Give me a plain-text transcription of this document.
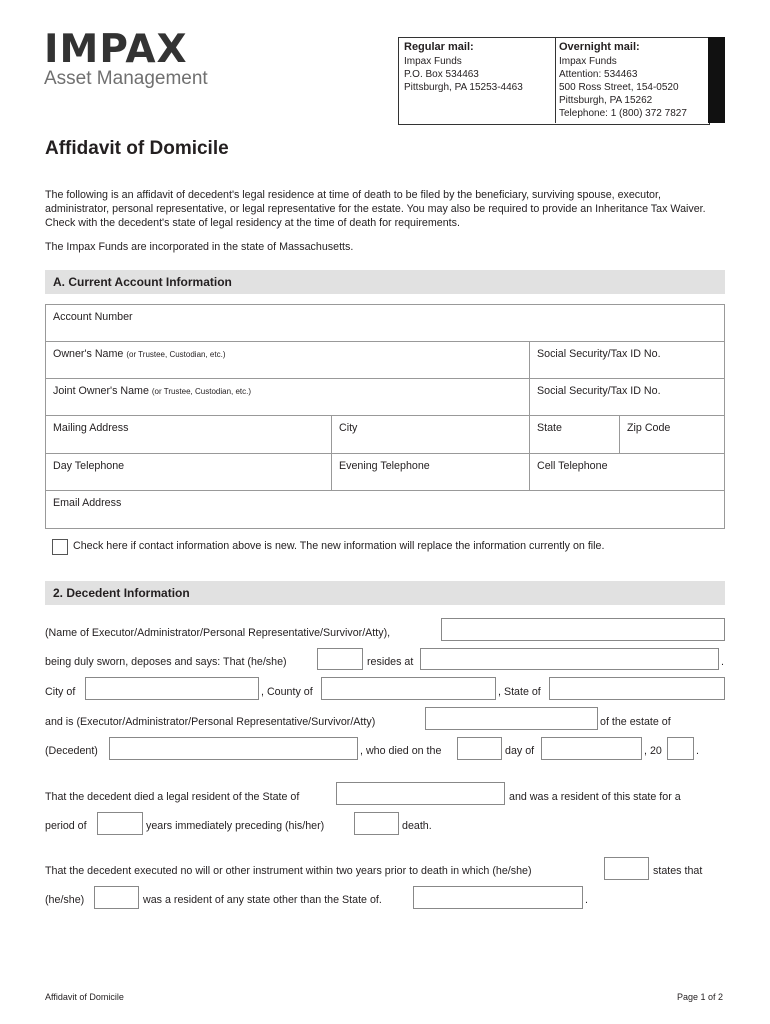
IMPAX
Asset Management
Regular mail:
Impax Funds
P.O. Box 534463
Pittsburgh, PA 15253-4463
Overnight mail:
Impax Funds
Attention: 534463
500 Ross Street, 154-0520
Pittsburgh, PA 15262
Telephone: 1 (800) 372 7827
Affidavit of Domicile
The following is an affidavit of decedent's legal residence at time of death to be filed by the beneficiary, surviving spouse, executor, administrator, personal representative, or legal representative for the estate. You may also be required to provide an Inheritance Tax Waiver. Check with the decedent's state of legal residency at the time of death for requirements.
The Impax Funds are incorporated in the state of Massachusetts.
A. Current Account Information
Account Number
Owner's Name (or Trustee, Custodian, etc.)	Social Security/Tax ID No.
Joint Owner's Name (or Trustee, Custodian, etc.)	Social Security/Tax ID No.
Mailing Address	City	State	Zip Code
Day Telephone	Evening Telephone	Cell Telephone
Email Address
Check here if contact information above is new. The new information will replace the information currently on file.
2. Decedent Information
(Name of Executor/Administrator/Personal Representative/Survivor/Atty),
being duly sworn, deposes and says: That (he/she)	resides at	.
City of	, County of	, State of
and is (Executor/Administrator/Personal Representative/Survivor/Atty)	of the estate of
(Decedent)	, who died on the	day of	, 20	.
That the decedent died a legal resident of the State of	and was a resident of this state for a
period of	years immediately preceding (his/her)	death.
That the decedent executed no will or other instrument within two years prior to death in which (he/she)	states that
(he/she)	was a resident of any state other than the State of.	.
Affidavit of Domicile	Page 1 of 2
